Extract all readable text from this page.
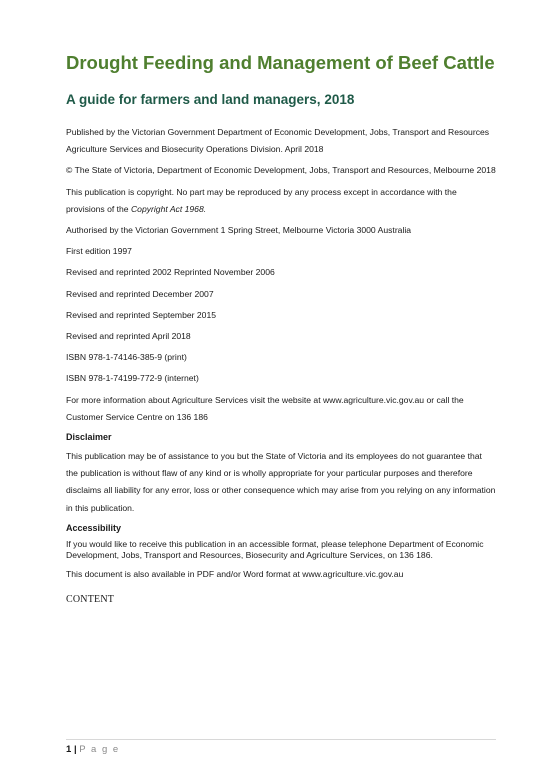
Drought Feeding and Management of Beef Cattle
A guide for farmers and land managers, 2018

Published by the Victorian Government Department of Economic Development, Jobs, Transport and Resources Agriculture Services and Biosecurity Operations Division. April 2018

© The State of Victoria, Department of Economic Development, Jobs, Transport and Resources, Melbourne 2018

This publication is copyright. No part may be reproduced by any process except in accordance with the provisions of the Copyright Act 1968.

Authorised by the Victorian Government 1 Spring Street, Melbourne Victoria 3000 Australia

First edition 1997

Revised and reprinted 2002 Reprinted November 2006

Revised and reprinted December 2007

Revised and reprinted September 2015

Revised and reprinted April 2018

ISBN 978-1-74146-385-9 (print)

ISBN 978-1-74199-772-9 (internet)

For more information about Agriculture Services visit the website at www.agriculture.vic.gov.au or call the Customer Service Centre on 136 186

Disclaimer

This publication may be of assistance to you but the State of Victoria and its employees do not guarantee that the publication is without flaw of any kind or is wholly appropriate for your particular purposes and therefore disclaims all liability for any error, loss or other consequence which may arise from you relying on any information in this publication.

Accessibility

If you would like to receive this publication in an accessible format, please telephone Department of Economic Development, Jobs, Transport and Resources, Biosecurity and Agriculture Services, on 136 186.

This document is also available in PDF and/or Word format at www.agriculture.vic.gov.au

CONTENT

1 | P a g e
